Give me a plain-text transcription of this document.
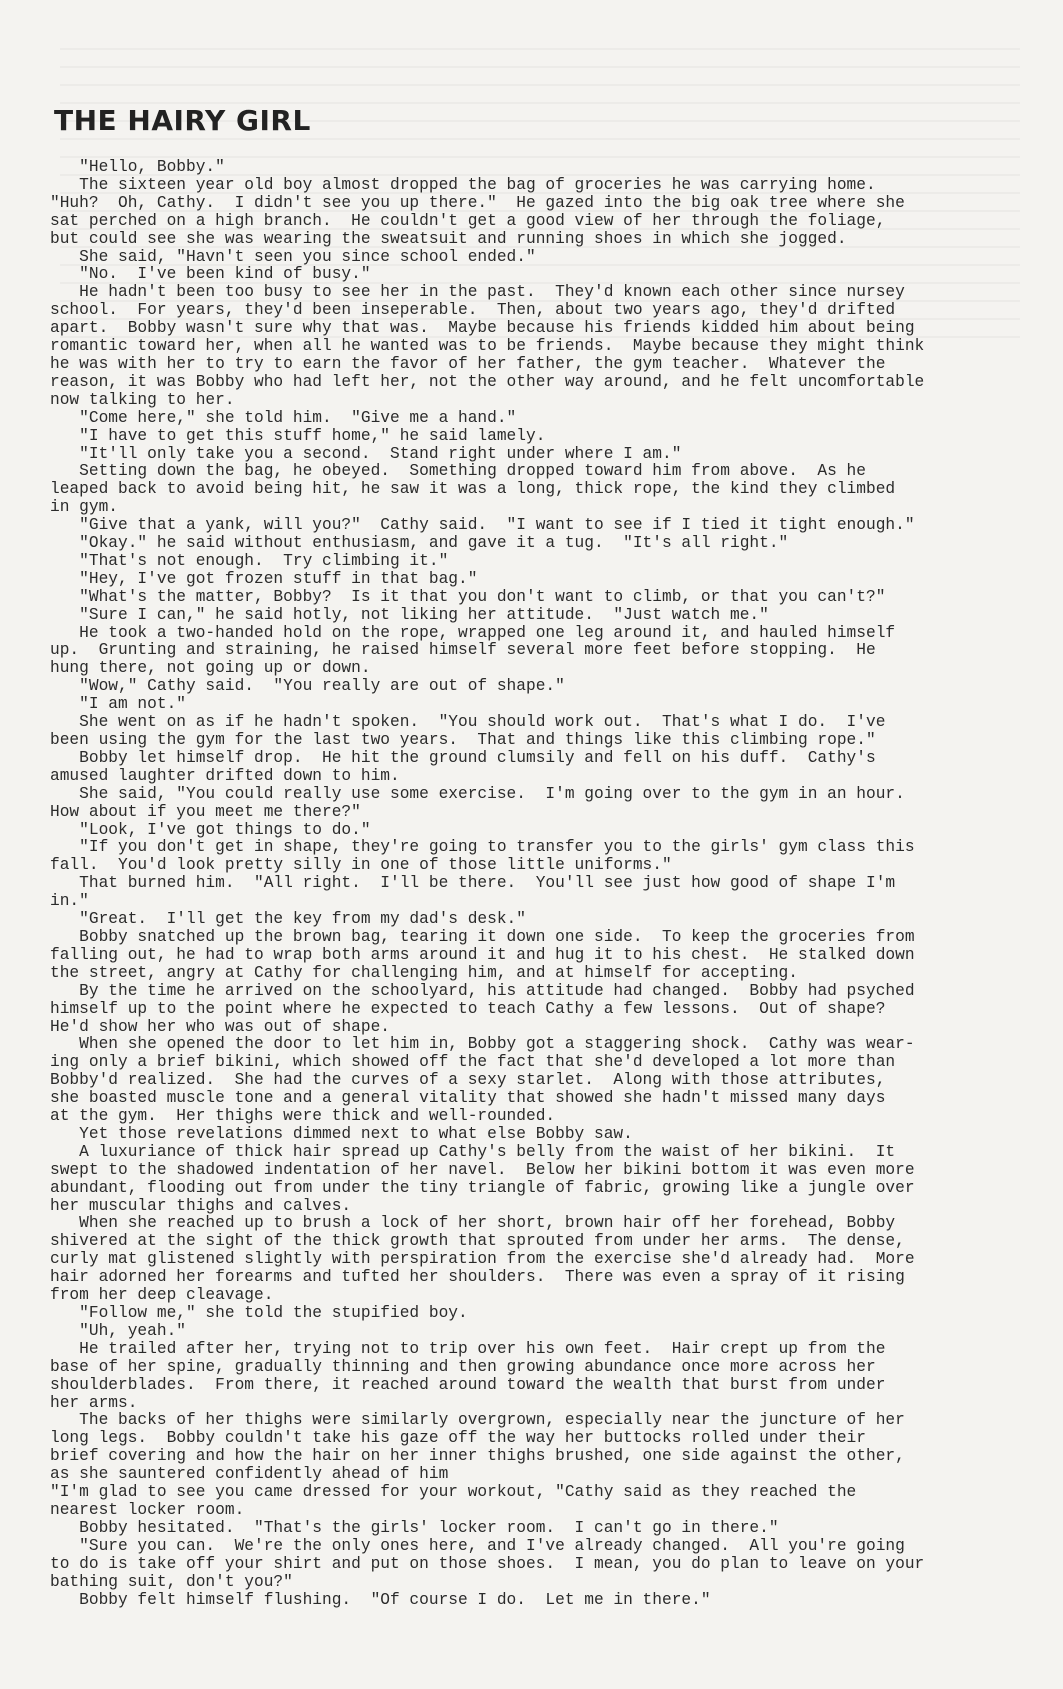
THE HAIRY GIRL
"Hello, Bobby."
The sixteen year old boy almost dropped the bag of groceries he was carrying home.
"Huh?  Oh, Cathy.  I didn't see you up there."  He gazed into the big oak tree where she
sat perched on a high branch.  He couldn't get a good view of her through the foliage,
but could see she was wearing the sweatsuit and running shoes in which she jogged.
She said, "Havn't seen you since school ended."
"No.  I've been kind of busy."
He hadn't been too busy to see her in the past.  They'd known each other since nursey
school.  For years, they'd been inseperable.  Then, about two years ago, they'd drifted
apart.  Bobby wasn't sure why that was.  Maybe because his friends kidded him about being
romantic toward her, when all he wanted was to be friends.  Maybe because they might think
he was with her to try to earn the favor of her father, the gym teacher.  Whatever the
reason, it was Bobby who had left her, not the other way around, and he felt uncomfortable
now talking to her.
"Come here," she told him.  "Give me a hand."
"I have to get this stuff home," he said lamely.
"It'll only take you a second.  Stand right under where I am."
Setting down the bag, he obeyed.  Something dropped toward him from above.  As he
leaped back to avoid being hit, he saw it was a long, thick rope, the kind they climbed
in gym.
"Give that a yank, will you?"  Cathy said.  "I want to see if I tied it tight enough."
"Okay." he said without enthusiasm, and gave it a tug.  "It's all right."
"That's not enough.  Try climbing it."
"Hey, I've got frozen stuff in that bag."
"What's the matter, Bobby?  Is it that you don't want to climb, or that you can't?"
"Sure I can," he said hotly, not liking her attitude.  "Just watch me."
He took a two-handed hold on the rope, wrapped one leg around it, and hauled himself
up.  Grunting and straining, he raised himself several more feet before stopping.  He
hung there, not going up or down.
"Wow," Cathy said.  "You really are out of shape."
"I am not."
She went on as if he hadn't spoken.  "You should work out.  That's what I do.  I've
been using the gym for the last two years.  That and things like this climbing rope."
Bobby let himself drop.  He hit the ground clumsily and fell on his duff.  Cathy's
amused laughter drifted down to him.
She said, "You could really use some exercise.  I'm going over to the gym in an hour.
How about if you meet me there?"
"Look, I've got things to do."
"If you don't get in shape, they're going to transfer you to the girls' gym class this
fall.  You'd look pretty silly in one of those little uniforms."
That burned him.  "All right.  I'll be there.  You'll see just how good of shape I'm
in."
"Great.  I'll get the key from my dad's desk."
Bobby snatched up the brown bag, tearing it down one side.  To keep the groceries from
falling out, he had to wrap both arms around it and hug it to his chest.  He stalked down
the street, angry at Cathy for challenging him, and at himself for accepting.
By the time he arrived on the schoolyard, his attitude had changed.  Bobby had psyched
himself up to the point where he expected to teach Cathy a few lessons.  Out of shape?
He'd show her who was out of shape.
When she opened the door to let him in, Bobby got a staggering shock.  Cathy was wear-
ing only a brief bikini, which showed off the fact that she'd developed a lot more than
Bobby'd realized.  She had the curves of a sexy starlet.  Along with those attributes,
she boasted muscle tone and a general vitality that showed she hadn't missed many days
at the gym.  Her thighs were thick and well-rounded.
Yet those revelations dimmed next to what else Bobby saw.
A luxuriance of thick hair spread up Cathy's belly from the waist of her bikini.  It
swept to the shadowed indentation of her navel.  Below her bikini bottom it was even more
abundant, flooding out from under the tiny triangle of fabric, growing like a jungle over
her muscular thighs and calves.
When she reached up to brush a lock of her short, brown hair off her forehead, Bobby
shivered at the sight of the thick growth that sprouted from under her arms.  The dense,
curly mat glistened slightly with perspiration from the exercise she'd already had.  More
hair adorned her forearms and tufted her shoulders.  There was even a spray of it rising
from her deep cleavage.
"Follow me," she told the stupified boy.
"Uh, yeah."
He trailed after her, trying not to trip over his own feet.  Hair crept up from the
base of her spine, gradually thinning and then growing abundance once more across her
shoulderblades.  From there, it reached around toward the wealth that burst from under
her arms.
The backs of her thighs were similarly overgrown, especially near the juncture of her
long legs.  Bobby couldn't take his gaze off the way her buttocks rolled under their
brief covering and how the hair on her inner thighs brushed, one side against the other,
as she sauntered confidently ahead of him
"I'm glad to see you came dressed for your workout, "Cathy said as they reached the
nearest locker room.
Bobby hesitated.  "That's the girls' locker room.  I can't go in there."
"Sure you can.  We're the only ones here, and I've already changed.  All you're going
to do is take off your shirt and put on those shoes.  I mean, you do plan to leave on your
bathing suit, don't you?"
Bobby felt himself flushing.  "Of course I do.  Let me in there."
